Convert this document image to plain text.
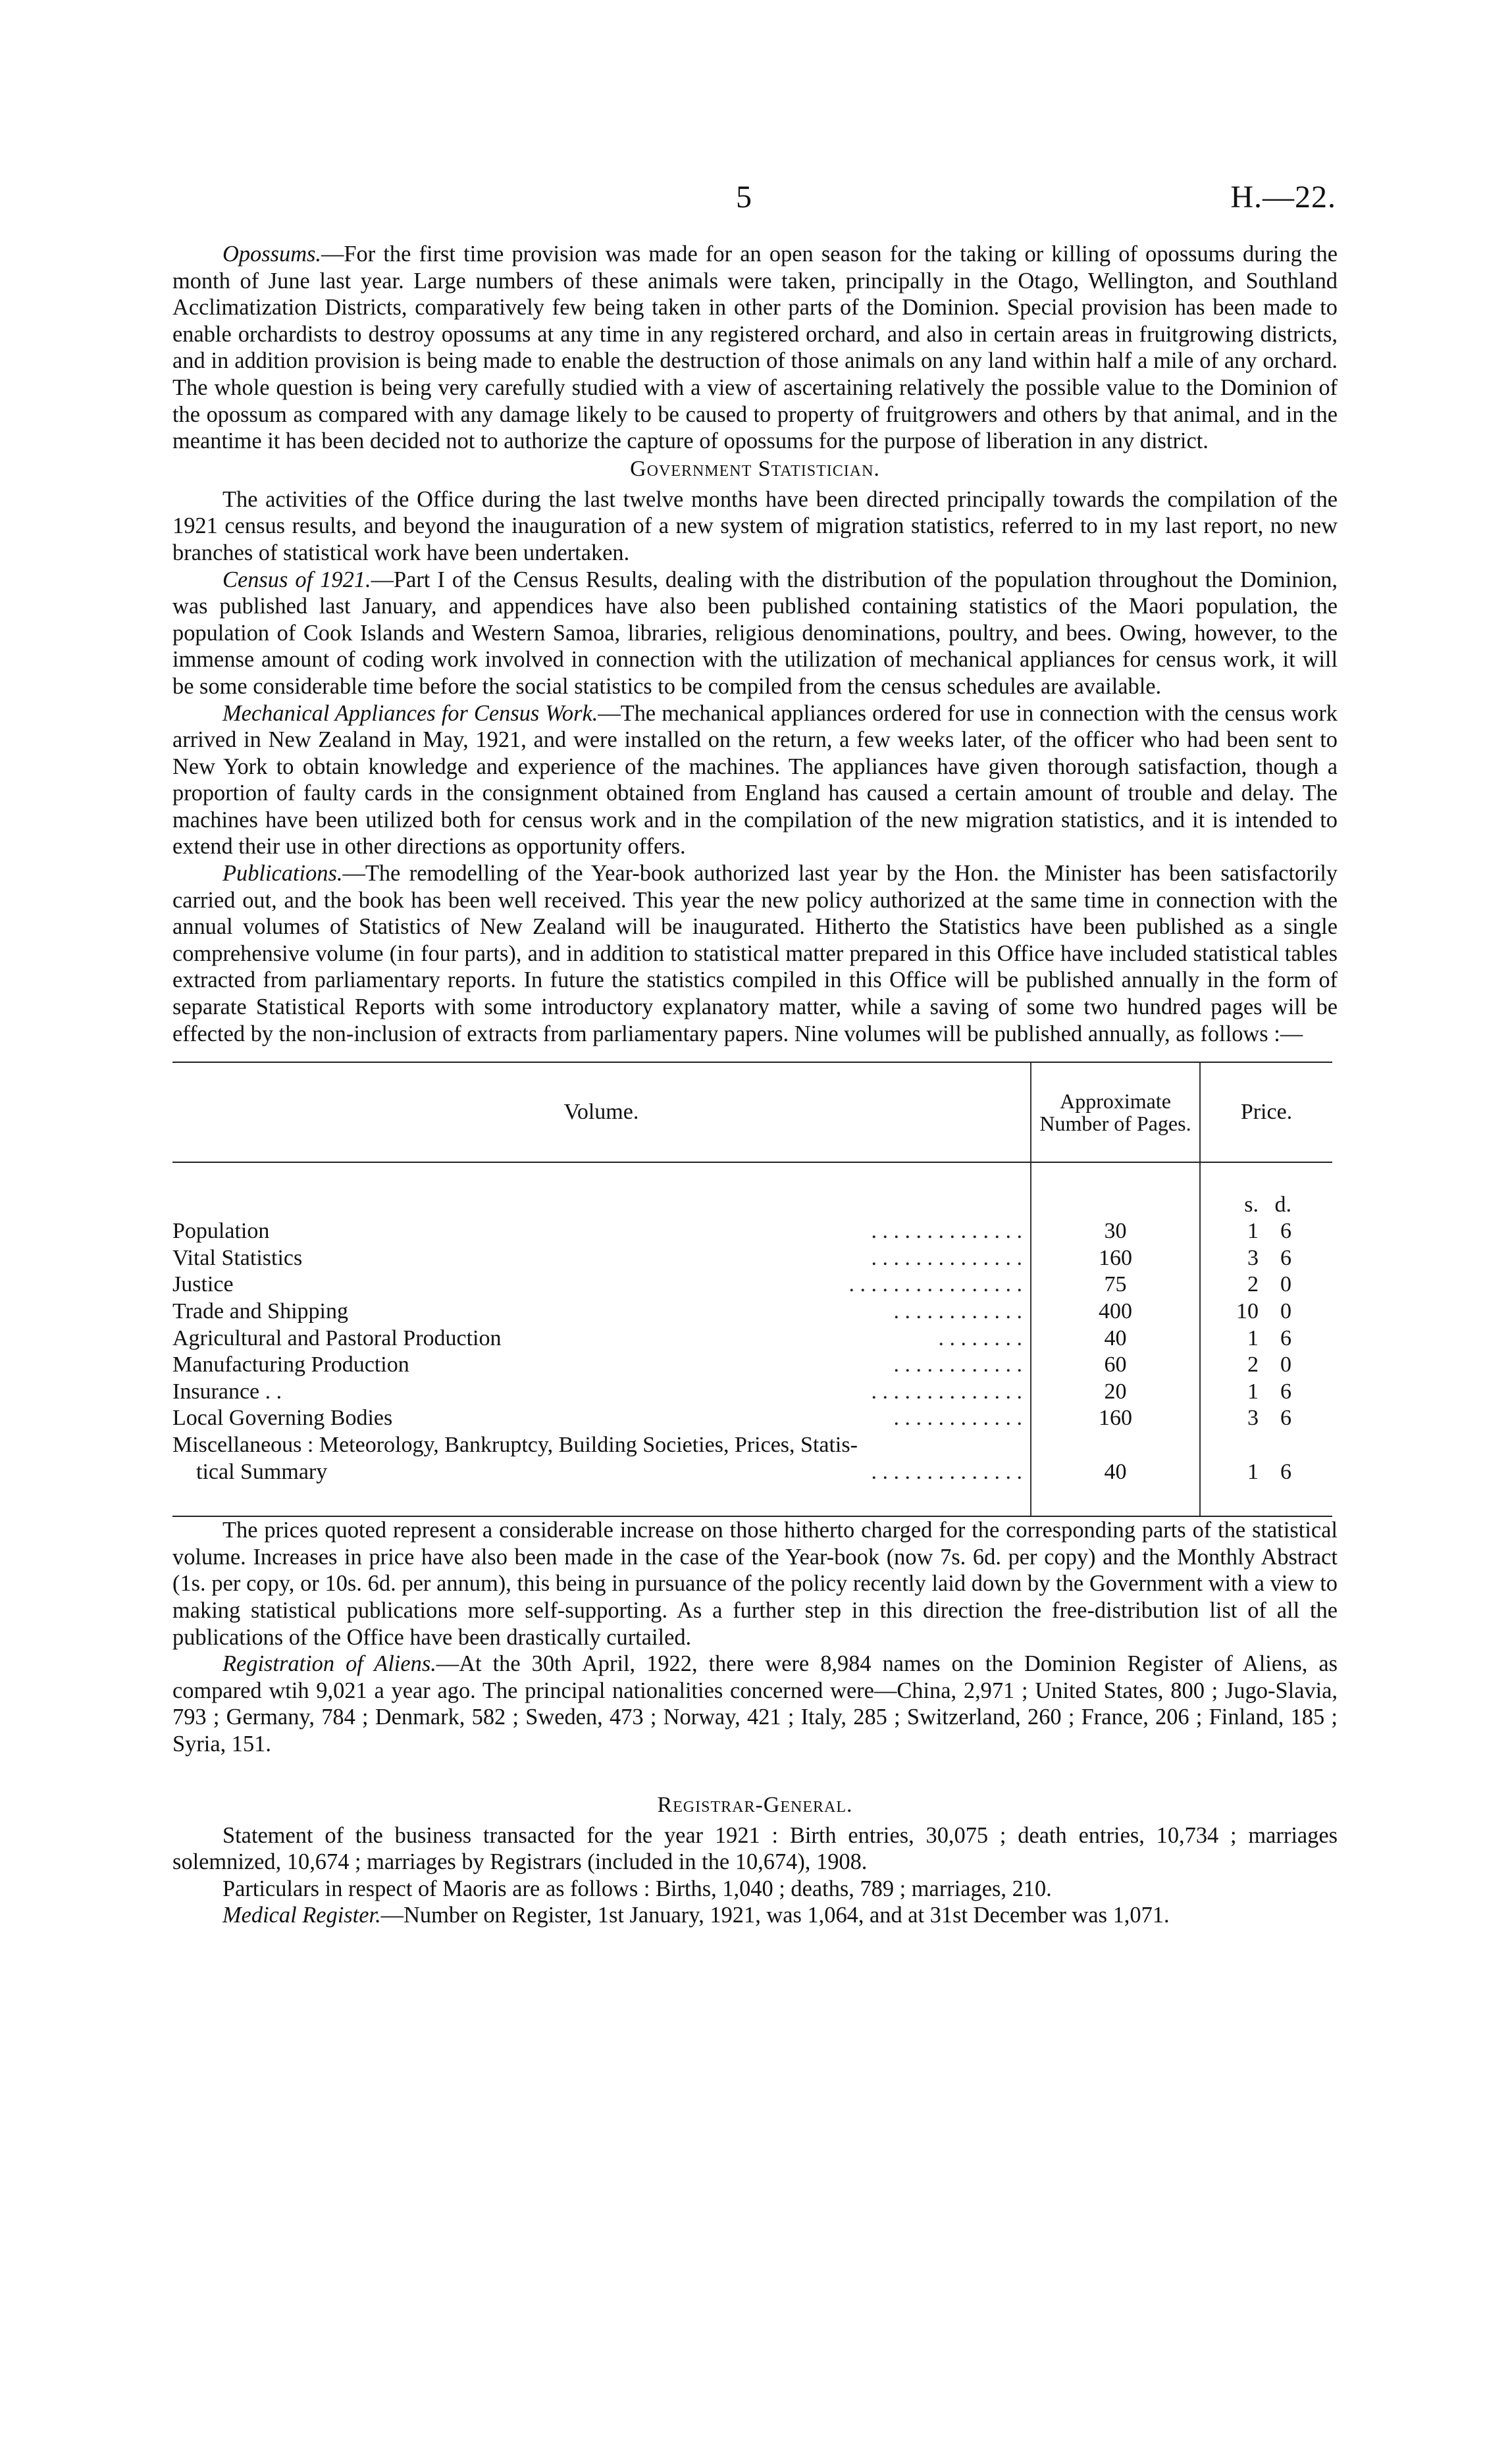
5	H.—22.

Opossums.—For the first time provision was made for an open season for the taking or killing of opossums during the month of June last year. Large numbers of these animals were taken, principally in the Otago, Wellington, and Southland Acclimatization Districts, comparatively few being taken in other parts of the Dominion. Special provision has been made to enable orchardists to destroy opossums at any time in any registered orchard, and also in certain areas in fruitgrowing districts, and in addition provision is being made to enable the destruction of those animals on any land within half a mile of any orchard. The whole question is being very carefully studied with a view of ascertaining relatively the possible value to the Dominion of the opossum as compared with any damage likely to be caused to property of fruitgrowers and others by that animal, and in the meantime it has been decided not to authorize the capture of opossums for the purpose of liberation in any district.

Government Statistician.

The activities of the Office during the last twelve months have been directed principally towards the compilation of the 1921 census results, and beyond the inauguration of a new system of migration statistics, referred to in my last report, no new branches of statistical work have been undertaken.

Census of 1921.—Part I of the Census Results, dealing with the distribution of the population throughout the Dominion, was published last January, and appendices have also been published containing statistics of the Maori population, the population of Cook Islands and Western Samoa, libraries, religious denominations, poultry, and bees. Owing, however, to the immense amount of coding work involved in connection with the utilization of mechanical appliances for census work, it will be some considerable time before the social statistics to be compiled from the census schedules are available.

Mechanical Appliances for Census Work.—The mechanical appliances ordered for use in connection with the census work arrived in New Zealand in May, 1921, and were installed on the return, a few weeks later, of the officer who had been sent to New York to obtain knowledge and experience of the machines. The appliances have given thorough satisfaction, though a proportion of faulty cards in the consignment obtained from England has caused a certain amount of trouble and delay. The machines have been utilized both for census work and in the compilation of the new migration statistics, and it is intended to extend their use in other directions as opportunity offers.

Publications.—The remodelling of the Year-book authorized last year by the Hon. the Minister has been satisfactorily carried out, and the book has been well received. This year the new policy authorized at the same time in connection with the annual volumes of Statistics of New Zealand will be inaugurated. Hitherto the Statistics have been published as a single comprehensive volume (in four parts), and in addition to statistical matter prepared in this Office have included statistical tables extracted from parliamentary reports. In future the statistics compiled in this Office will be published annually in the form of separate Statistical Reports with some introductory explanatory matter, while a saving of some two hundred pages will be effected by the non-inclusion of extracts from parliamentary papers. Nine volumes will be published annually, as follows :—

Volume.	Approximate Number of Pages.	Price.

		s. d.

Population . . . . . . . . . . . . . .	30	1 6

Vital Statistics . . . . . . . . . . . . . .	160	3 6

Justice . . . . . . . . . . . . . . . .	75	2 0

Trade and Shipping . . . . . . . . . . . .	400	10 0

Agricultural and Pastoral Production . . . . . . . .	40	1 6

Manufacturing Production . . . . . . . . . . . .	60	2 0

Insurance . . . . . . . . . . . . . . . .	20	1 6

Local Governing Bodies . . . . . . . . . . . .	160	3 6

Miscellaneous : Meteorology, Bankruptcy, Building Societies, Prices, Statis-
tical Summary	. . . . . . . . . . . . . .	40	1 6

The prices quoted represent a considerable increase on those hitherto charged for the corresponding parts of the statistical volume. Increases in price have also been made in the case of the Year-book (now 7s. 6d. per copy) and the Monthly Abstract (1s. per copy, or 10s. 6d. per annum), this being in pursuance of the policy recently laid down by the Government with a view to making statistical publications more self-supporting. As a further step in this direction the free-distribution list of all the publications of the Office have been drastically curtailed.

Registration of Aliens.—At the 30th April, 1922, there were 8,984 names on the Dominion Register of Aliens, as compared wtih 9,021 a year ago. The principal nationalities concerned were—China, 2,971 ; United States, 800 ; Jugo-Slavia, 793 ; Germany, 784 ; Denmark, 582 ; Sweden, 473 ; Norway, 421 ; Italy, 285 ; Switzerland, 260 ; France, 206 ; Finland, 185 ; Syria, 151.

Registrar-General.

Statement of the business transacted for the year 1921 : Birth entries, 30,075 ; death entries, 10,734 ; marriages solemnized, 10,674 ; marriages by Registrars (included in the 10,674), 1908.

Particulars in respect of Maoris are as follows : Births, 1,040 ; deaths, 789 ; marriages, 210.

Medical Register.—Number on Register, 1st January, 1921, was 1,064, and at 31st December was 1,071.
